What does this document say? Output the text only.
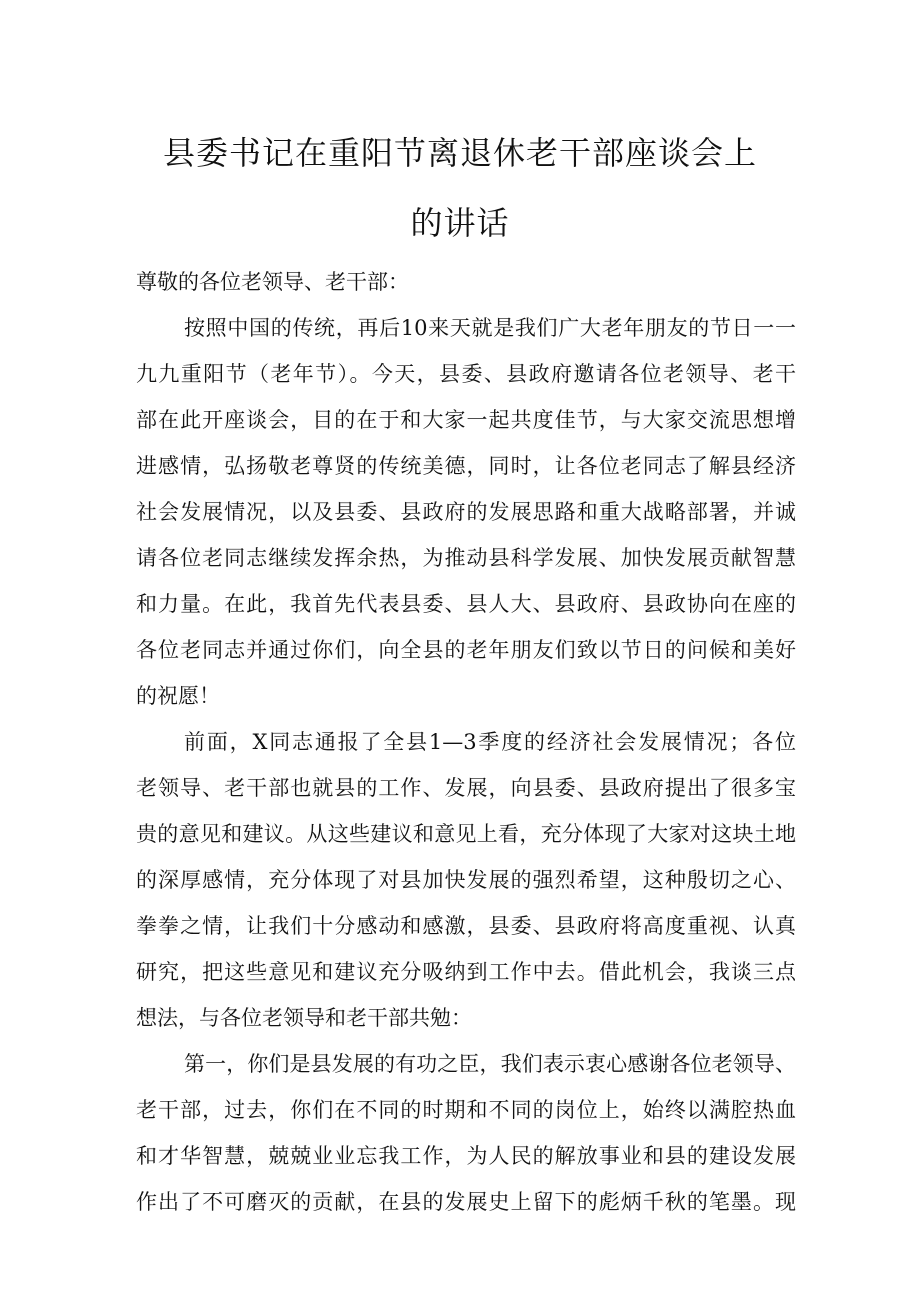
县委书记在重阳节离退休老干部座谈会上
的讲话
尊敬的各位老领导、老干部：
按照中国的传统，再后10来天就是我们广大老年朋友的节日一一
九九重阳节（老年节）。今天，县委、县政府邀请各位老领导、老干
部在此开座谈会，目的在于和大家一起共度佳节，与大家交流思想增
进感情，弘扬敬老尊贤的传统美德，同时，让各位老同志了解县经济
社会发展情况，以及县委、县政府的发展思路和重大战略部署，并诚
请各位老同志继续发挥余热，为推动县科学发展、加快发展贡献智慧
和力量。在此，我首先代表县委、县人大、县政府、县政协向在座的
各位老同志并通过你们，向全县的老年朋友们致以节日的问候和美好
的祝愿！
前面，X同志通报了全县1—3季度的经济社会发展情况；各位
老领导、老干部也就县的工作、发展，向县委、县政府提出了很多宝
贵的意见和建议。从这些建议和意见上看，充分体现了大家对这块土地
的深厚感情，充分体现了对县加快发展的强烈希望，这种殷切之心、
拳拳之情，让我们十分感动和感激，县委、县政府将高度重视、认真
研究，把这些意见和建议充分吸纳到工作中去。借此机会，我谈三点
想法，与各位老领导和老干部共勉：
第一，你们是县发展的有功之臣，我们表示衷心感谢各位老领导、
老干部，过去，你们在不同的时期和不同的岗位上，始终以满腔热血
和才华智慧，兢兢业业忘我工作，为人民的解放事业和县的建设发展
作出了不可磨灭的贡献，在县的发展史上留下的彪炳千秋的笔墨。现
